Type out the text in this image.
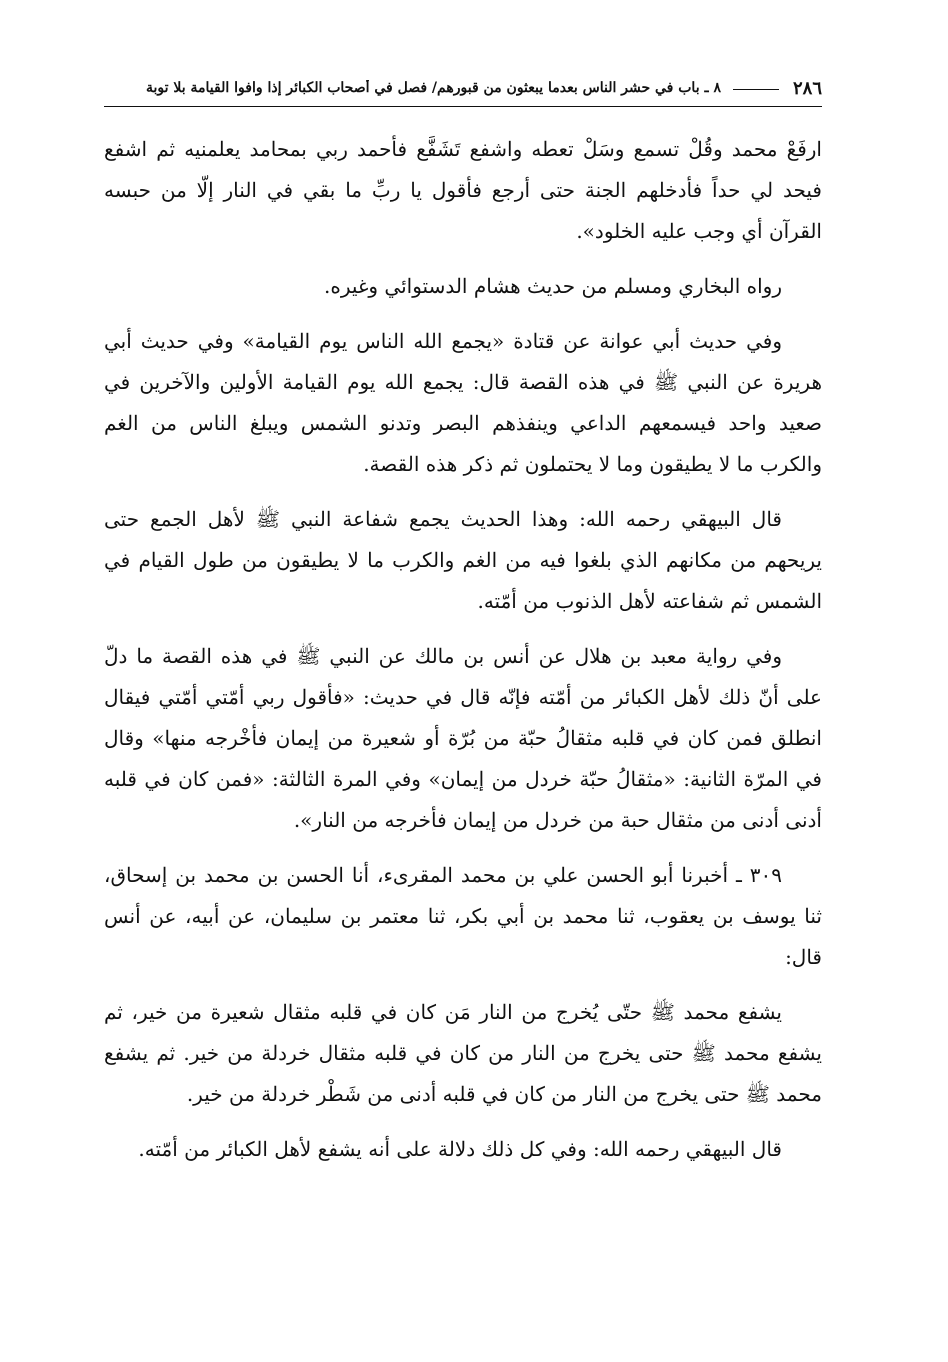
٢٨٦
٨ ـ باب في حشر الناس بعدما يبعثون من قبورهم/ فصل في أصحاب الكبائر إذا وافوا القيامة بلا توبة

ارفَعْ محمد وقُلْ تسمع وسَلْ تعطه واشفع تَشَفَّع فأحمد ربي بمحامد يعلمنيه ثم اشفع فيحد لي حداً فأدخلهم الجنة حتى أرجع فأقول يا ربِّ ما بقي في النار إلّا من حبسه القرآن أي وجب عليه الخلود».

رواه البخاري ومسلم من حديث هشام الدستوائي وغيره.

وفي حديث أبي عوانة عن قتادة «يجمع الله الناس يوم القيامة» وفي حديث أبي هريرة عن النبي ﷺ في هذه القصة قال: يجمع الله يوم القيامة الأولين والآخرين في صعيد واحد فيسمعهم الداعي وينفذهم البصر وتدنو الشمس ويبلغ الناس من الغم والكرب ما لا يطيقون وما لا يحتملون ثم ذكر هذه القصة.

قال البيهقي رحمه الله: وهذا الحديث يجمع شفاعة النبي ﷺ لأهل الجمع حتى يريحهم من مكانهم الذي بلغوا فيه من الغم والكرب ما لا يطيقون من طول القيام في الشمس ثم شفاعته لأهل الذنوب من أمّته.

وفي رواية معبد بن هلال عن أنس بن مالك عن النبي ﷺ في هذه القصة ما دلّ على أنّ ذلك لأهل الكبائر من أمّته فإنّه قال في حديث: «فأقول ربي أمّتي أمّتي فيقال انطلق فمن كان في قلبه مثقالُ حبّة من بُرّة أو شعيرة من إيمان فأخْرجه منها» وقال في المرّة الثانية: «مثقالُ حبّة خردل من إيمان» وفي المرة الثالثة: «فمن كان في قلبه أدنى أدنى من مثقال حبة من خردل من إيمان فأخرجه من النار».

٣٠٩ ـ أخبرنا أبو الحسن علي بن محمد المقرىء، أنا الحسن بن محمد بن إسحاق، ثنا يوسف بن يعقوب، ثنا محمد بن أبي بكر، ثنا معتمر بن سليمان، عن أبيه، عن أنس قال:

يشفع محمد ﷺ حتّى يُخرج من النار مَن كان في قلبه مثقال شعيرة من خير، ثم يشفع محمد ﷺ حتى يخرج من النار من كان في قلبه مثقال خردلة من خير. ثم يشفع محمد ﷺ حتى يخرج من النار من كان في قلبه أدنى من شَطْر خردلة من خير.

قال البيهقي رحمه الله: وفي كل ذلك دلالة على أنه يشفع لأهل الكبائر من أمّته.
